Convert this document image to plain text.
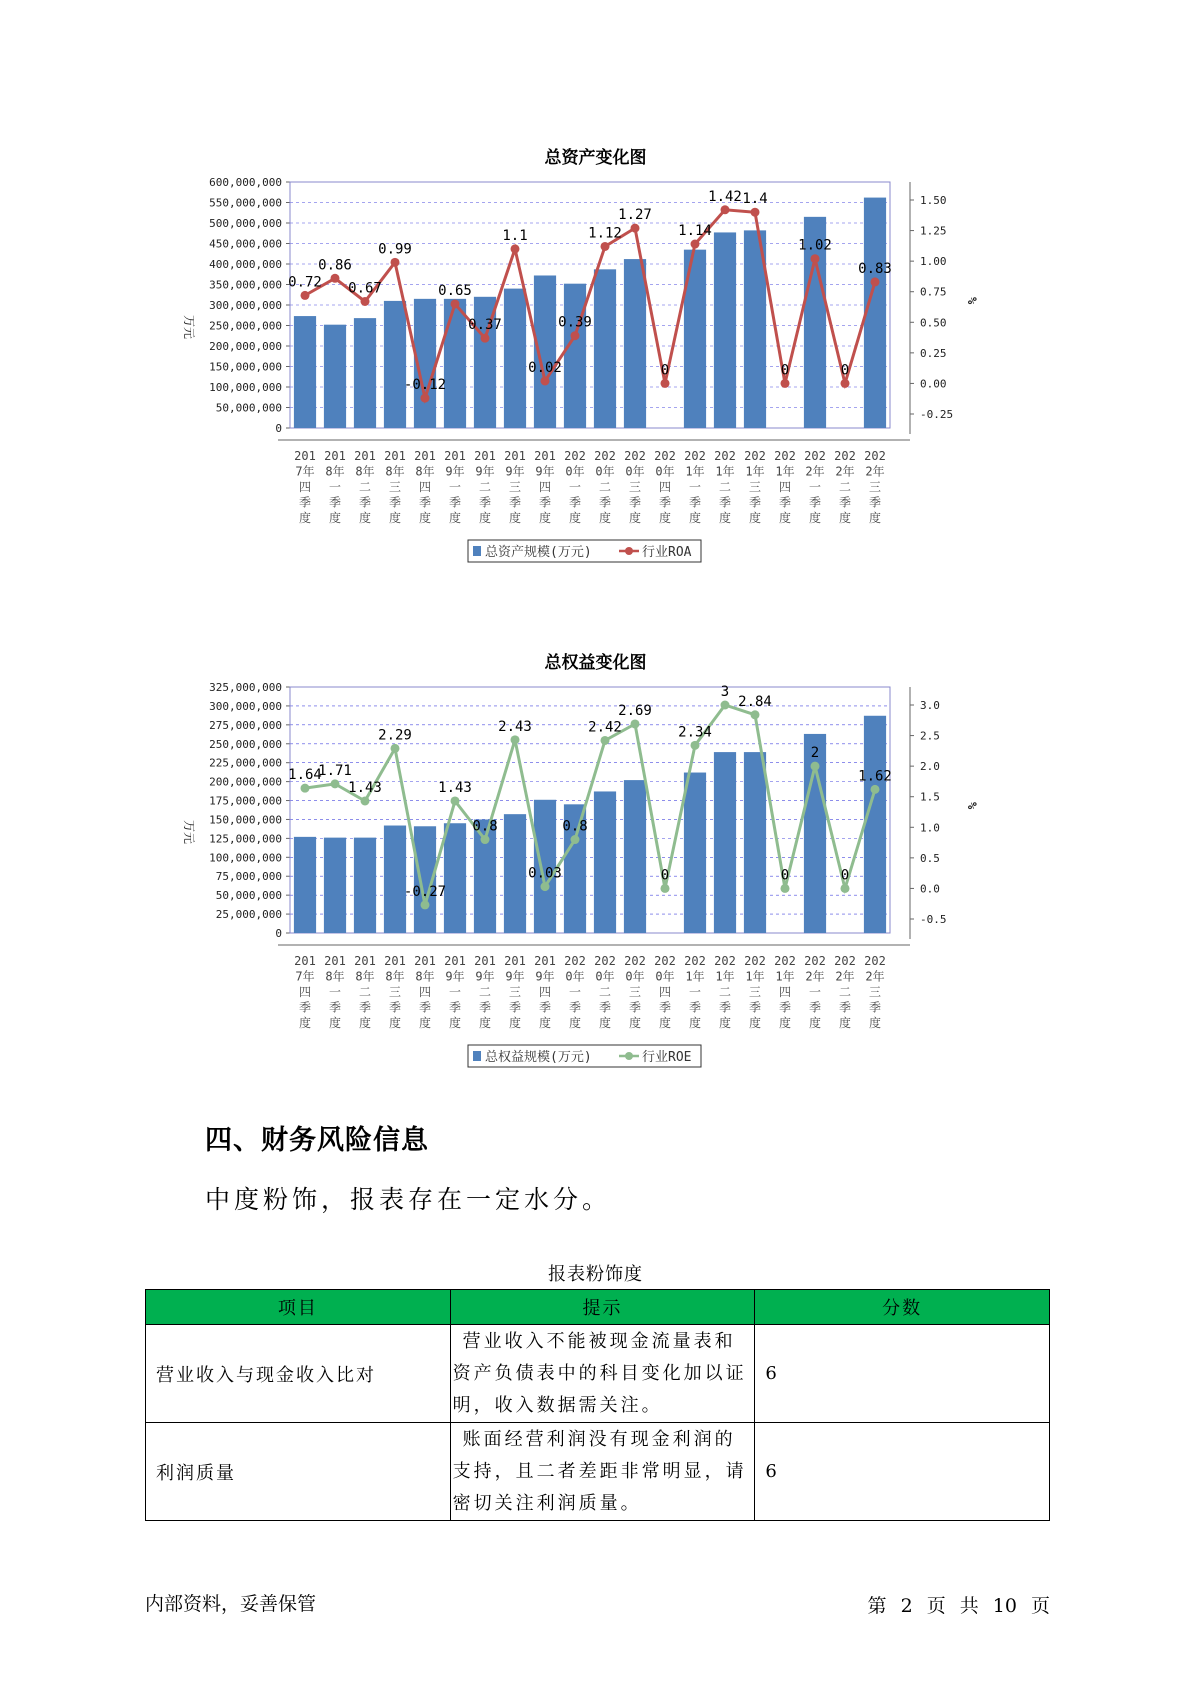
总资产变化图
0
50,000,000
100,000,000
150,000,000
200,000,000
250,000,000
300,000,000
350,000,000
400,000,000
450,000,000
500,000,000
550,000,000
600,000,000
-0.25
0.00
0.25
0.50
0.75
1.00
1.25
1.50
万元
%
0.72
0.86
0.67
0.99
-0.12
0.65
0.37
1.1
0.02
0.39
1.12
1.27
0
1.14
1.42 1.4
0
1.02
0
0.83
201
7年
四
季
度
201
8年
一
季
度
201
8年
二
季
度
201
8年
三
季
度
201
8年
四
季
度
201
9年
一
季
度
201
9年
二
季
度
201
9年
三
季
度
201
9年
四
季
度
202
0年
一
季
度
202
0年
二
季
度
202
0年
三
季
度
202
0年
四
季
度
202
1年
一
季
度
202
1年
二
季
度
202
1年
三
季
度
202
1年
四
季
度
202
2年
一
季
度
202
2年
二
季
度
202
2年
三
季
度
总资产规模(万元)	行业ROA
总权益变化图
0
25,000,000
50,000,000
75,000,000
100,000,000
125,000,000
150,000,000
175,000,000
200,000,000
225,000,000
250,000,000
275,000,000
300,000,000
325,000,000
-0.5
0.0
0.5
1.0
1.5
2.0
2.5
3.0
万元
%
1.64
1.71
1.43
2.29
-0.27
1.43
0.8
2.43
0.03
0.8
2.42
2.69
0
2.34
3
2.84
0
2
0
1.62
201
7年
四
季
度
201
8年
一
季
度
201
8年
二
季
度
201
8年
三
季
度
201
8年
四
季
度
201
9年
一
季
度
201
9年
二
季
度
201
9年
三
季
度
201
9年
四
季
度
202
0年
一
季
度
202
0年
二
季
度
202
0年
三
季
度
202
0年
四
季
度
202
1年
一
季
度
202
1年
二
季
度
202
1年
三
季
度
202
1年
四
季
度
202
2年
一
季
度
202
2年
二
季
度
202
2年
三
季
度
总权益规模(万元)	行业ROE
四、财务风险信息
中度粉饰，报表存在一定水分。
报表粉饰度
项目	提示	分数
营业收入与现金收入比对	营业收入不能被现金流量表和资产负债表中的科目变化加以证明，收入数据需关注。	6
利润质量	账面经营利润没有现金利润的支持，且二者差距非常明显，请密切关注利润质量。	6
内部资料，妥善保管	第 2 页 共 10 页
